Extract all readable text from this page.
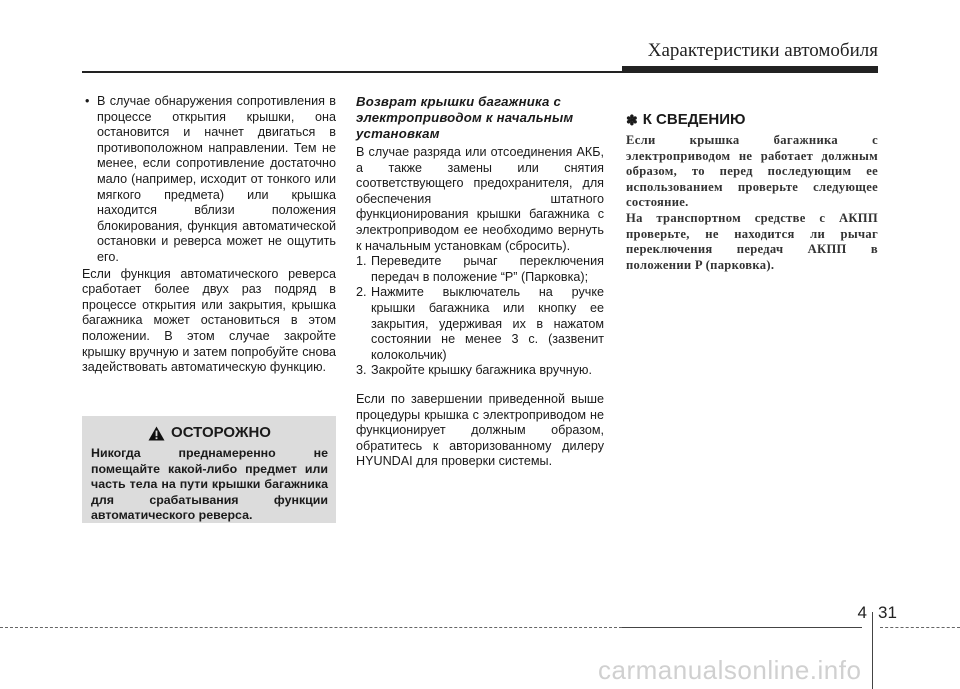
Характеристики автомобиля
• В случае обнаружения сопротивления в процессе открытия крышки, она остановится и начнет двигаться в противоположном направлении. Тем не менее, если сопротивление достаточно мало (например, исходит от тонкого или мягкого предмета) или крышка находится вблизи положения блокирования, функция автоматической остановки и реверса может не ощутить его.
Если функция автоматического реверса сработает более двух раз подряд в процессе открытия или закрытия, крышка багажника может остановиться в этом положении. В этом случае закройте крышку вручную и затем попробуйте снова задействовать автоматическую функцию.
ОСТОРОЖНО
Никогда преднамеренно не помещайте какой-либо предмет или часть тела на пути крышки багажника для срабатывания функции автоматического реверса.
Возврат крышки багажника с электроприводом к начальным установкам
В случае разряда или отсоединения АКБ, а также замены или снятия соответствующего предохранителя, для обеспечения штатного функционирования крышки багажника с электроприводом ее необходимо вернуть к начальным установкам (сбросить).
1. Переведите рычаг переключения передач в положение “P” (Парковка);
2. Нажмите выключатель на ручке крышки багажника или кнопку ее закрытия, удерживая их в нажатом состоянии не менее 3 с. (зазвенит колокольчик)
3. Закройте крышку багажника вручную.
Если по завершении приведенной выше процедуры крышка с электроприводом не функционирует должным образом, обратитесь к авторизованному дилеру HYUNDAI для проверки системы.
✽ К СВЕДЕНИЮ
Если крышка багажника с электроприводом не работает должным образом, то перед последующим ее использованием проверьте следующее состояние.
На транспортном средстве с АКПП проверьте, не находится ли рычаг переключения передач АКПП в положении P (парковка).
4 31
carmanualsonline.info
